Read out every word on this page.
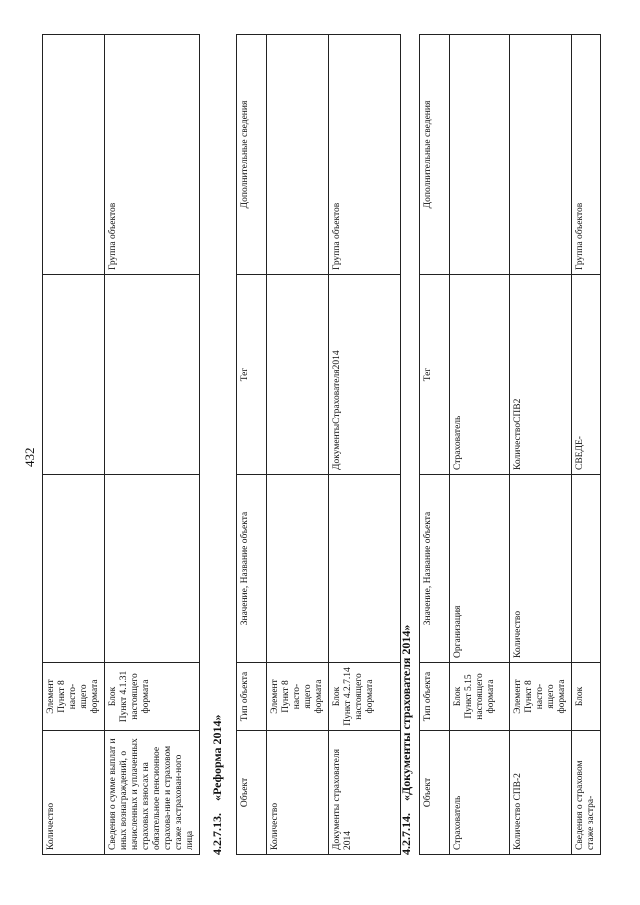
432
Количество	Элемент
Пункт 8 насто-
ящего формата			
Сведения о сумме выплат и иных вознаграждений, о начисленных и уплаченных страховых взносах на обязательное пенсионное страхова-ние и страховом стаже застрахован-ного лица	Блок
Пункт 4.1.31
настоящего
формата			Группа объектов
4.2.7.13.«Реформа 2014» Объект	Тип объекта	Значение, Название объекта	Тег	Дополнительные сведения
Количество	Элемент
Пункт 8 насто-
ящего формата			
Документы страхователя 2014	Блок
Пункт 4.2.7.14
настоящего
формата		ДокументыСтрахователя2014	Группа объектов
4.2.7.14.«Документы страхователя 2014» Объект	Тип объекта	Значение, Название объекта	Тег	Дополнительные сведения
Страхователь	Блок
Пункт 5.15
настоящего
формата	Организация	Страхователь	
Количество СПВ-2	Элемент
Пункт 8 насто-
ящего формата	Количество	КоличествоСПВ2	
Сведения о страховом стаже застра-	Блок		СВЕДЕ-	Группа объектов
